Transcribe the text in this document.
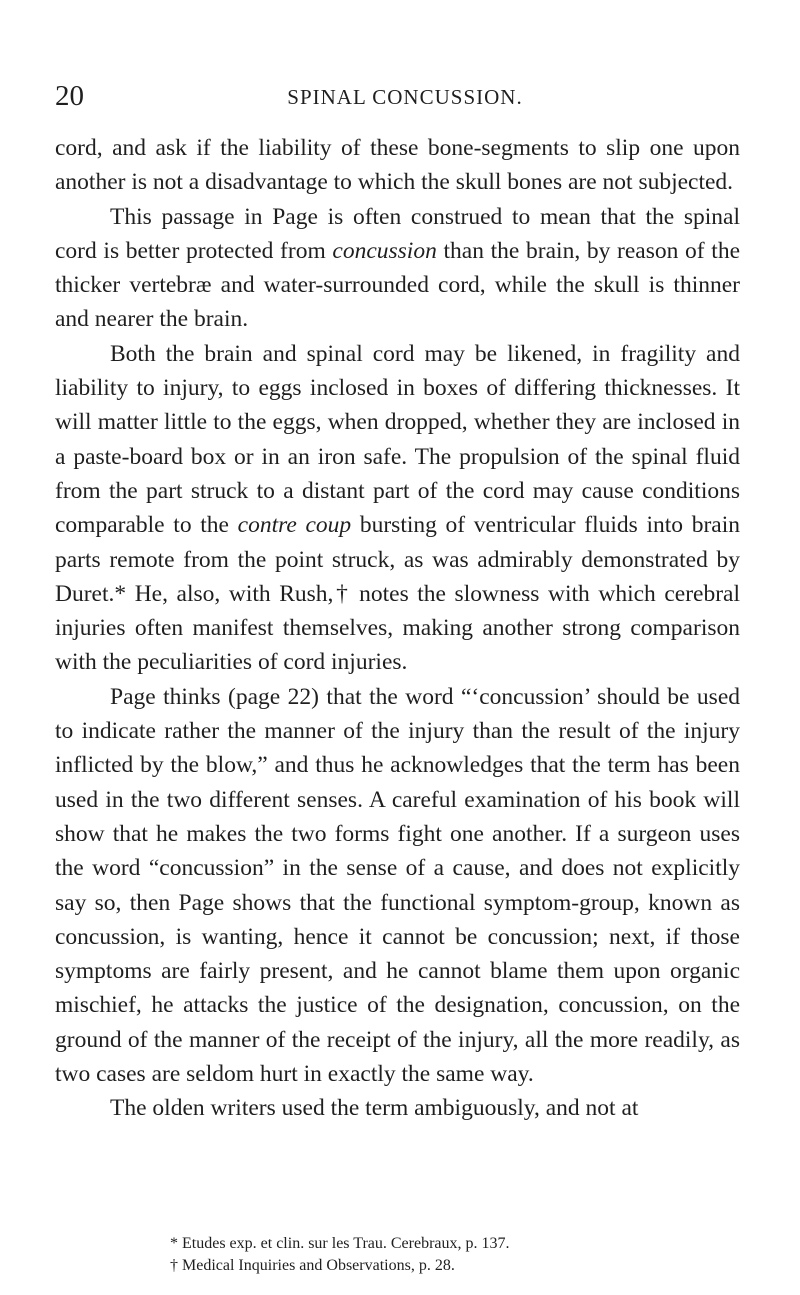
20	SPINAL CONCUSSION.

cord, and ask if the liability of these bone-segments to slip one upon another is not a disadvantage to which the skull bones are not subjected.

This passage in Page is often construed to mean that the spinal cord is better protected from concussion than the brain, by reason of the thicker vertebræ and water-surrounded cord, while the skull is thinner and nearer the brain.

Both the brain and spinal cord may be likened, in fragility and liability to injury, to eggs inclosed in boxes of differing thicknesses. It will matter little to the eggs, when dropped, whether they are inclosed in a paste-board box or in an iron safe. The propulsion of the spinal fluid from the part struck to a distant part of the cord may cause conditions comparable to the contre coup bursting of ventricular fluids into brain parts remote from the point struck, as was admirably demonstrated by Duret.* He, also, with Rush,† notes the slowness with which cerebral injuries often manifest themselves, making another strong comparison with the peculiarities of cord injuries.

Page thinks (page 22) that the word “‘concussion’ should be used to indicate rather the manner of the injury than the result of the injury inflicted by the blow,” and thus he acknowledges that the term has been used in the two different senses. A careful examination of his book will show that he makes the two forms fight one another. If a surgeon uses the word “concussion” in the sense of a cause, and does not explicitly say so, then Page shows that the functional symptom-group, known as concussion, is wanting, hence it cannot be concussion; next, if those symptoms are fairly present, and he cannot blame them upon organic mischief, he attacks the justice of the designation, concussion, on the ground of the manner of the receipt of the injury, all the more readily, as two cases are seldom hurt in exactly the same way.

The olden writers used the term ambiguously, and not at

* Etudes exp. et clin. sur les Trau. Cerebraux, p. 137.

† Medical Inquiries and Observations, p. 28.
